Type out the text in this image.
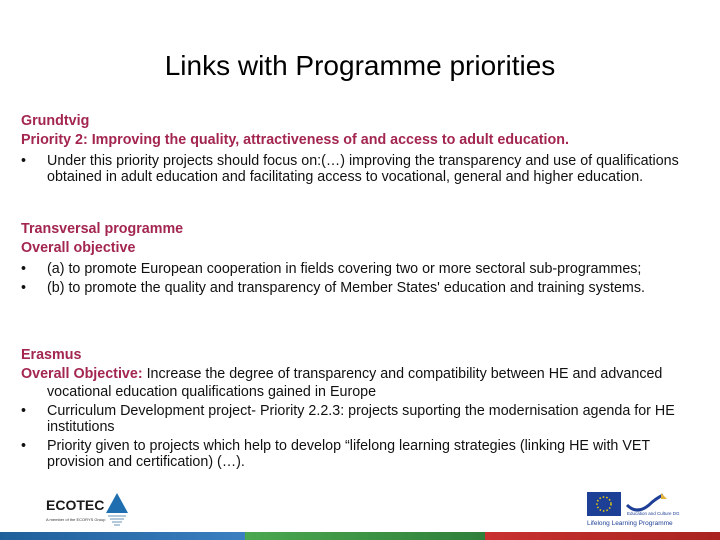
Links with Programme priorities
Grundtvig
Priority 2: Improving the quality, attractiveness of and access to adult education.
• Under this priority projects should focus on:(…) improving the transparency and use of qualifications obtained in adult education and facilitating access to vocational, general and higher education.
Transversal programme
Overall objective
• (a) to promote European cooperation in fields covering two or more sectoral sub-programmes;
• (b) to promote the quality and transparency of Member States' education and training systems.
Erasmus
Overall Objective: Increase the degree of transparency and compatibility between HE and advanced vocational education qualifications gained in Europe
• Curriculum Development project- Priority 2.2.3: projects suporting the modernisation agenda for HE institutions
• Priority given to projects which help to develop “lifelong learning strategies (linking HE with VET provision and certification) (…).
ECOTEC
A member of the ECORYS Group
Education and Culture DG
Lifelong Learning Programme
